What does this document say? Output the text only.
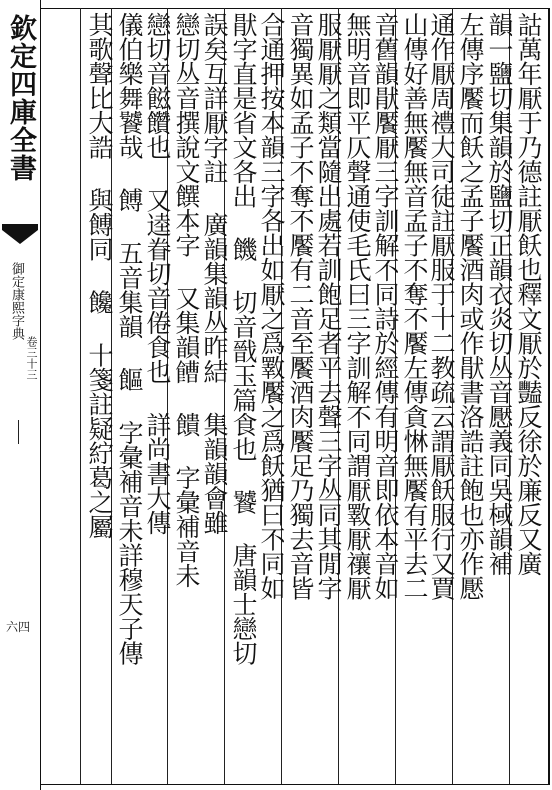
欽定四庫全書
御定康熙字典
卷三十三
六四
詁萬年厭于乃德註厭飫也釋文厭於豔反徐於廉反又廣
韻一鹽切集韻於鹽切正韻衣炎切丛音懕義同吳棫韻補
左傳序饜而飫之孟子饜酒肉或作猒書洛誥註飽也亦作懕
通作厭周禮大司徒註厭服于十二教疏云謂厭飫服行又賈
山傳好善無饜無音孟子不奪不饜左傳貪惏無饜有平去二
音舊韻猒饜厭三字訓解不同詩於經傳有明音即依本音如
無明音即平仄聲通使毛氏曰三字訓解不同謂厭斁厭禳厭
服厭厭之類當隨出處若訓飽足者平去聲三字丛同其閒字
音獨異如孟子不奪不饜有二音至饜酒肉饜足乃獨去音皆
合通押按本韻三字各出如厭之爲斁饜之爲飫猶曰不同如
猒字直是省文各出 饑 切音戩玉篇食也 饕 唐韻士戀切
誤矣互詳厭字註 廣韻集韻丛昨結 集韻韻會雖
戀切丛音撰說文饌本字 又集韻𩞄 饋 字彙補音未
戀切音𩝐饡也 又逵眷切音倦食也 詳尚書大傳
儀伯樂舞饕哉 餺 五音集韻 饇 字彙補音未詳穆天子傳
其歌聲比大誥 與餺同 饞 十箋註疑紵葛之屬
